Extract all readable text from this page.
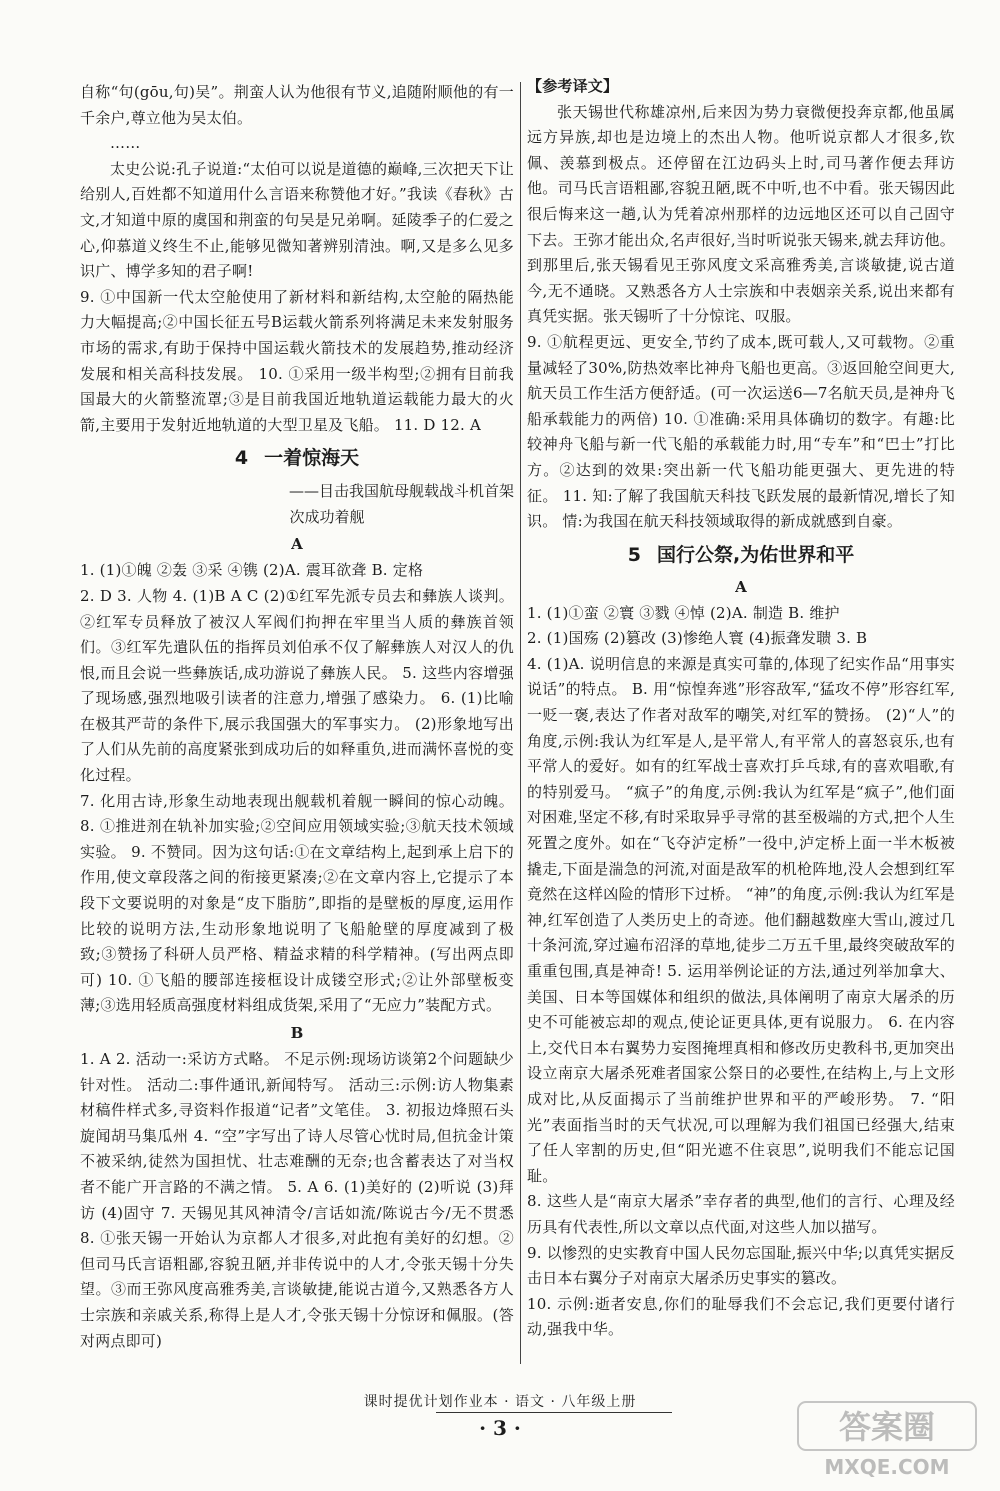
自称“句(gōu,句)吴”。荆蛮人认为他很有节义,追随附顺他的有一千余户,尊立他为吴太伯。

……

太史公说:孔子说道:“太伯可以说是道德的巅峰,三次把天下让给别人,百姓都不知道用什么言语来称赞他才好。”我读《春秋》古文,才知道中原的虞国和荆蛮的句吴是兄弟啊。延陵季子的仁爱之心,仰慕道义终生不止,能够见微知著辨别清浊。啊,又是多么见多识广、博学多知的君子啊!

9. ①中国新一代太空舱使用了新材料和新结构,太空舱的隔热能力大幅提高;②中国长征五号B运载火箭系列将满足未来发射服务市场的需求,有助于保持中国运载火箭技术的发展趋势,推动经济发展和相关高科技发展。 10. ①采用一级半构型;②拥有目前我国最大的火箭整流罩;③是目前我国近地轨道运载能力最大的火箭,主要用于发射近地轨道的大型卫星及飞船。 11. D 12. A

4 一着惊海天
——目击我国航母舰载战斗机首架
次成功着舰
A

1. (1)①魄 ②轰 ③采 ④镌 (2)A. 震耳欲聋 B. 定格
2. D 3. 人物 4. (1)B A C (2)①红军先派专员去和彝族人谈判。②红军专员释放了被汉人军阀们拘押在牢里当人质的彝族首领们。③红军先遣队伍的指挥员刘伯承不仅了解彝族人对汉人的仇恨,而且会说一些彝族话,成功游说了彝族人民。 5. 这些内容增强了现场感,强烈地吸引读者的注意力,增强了感染力。 6. (1)比喻在极其严苛的条件下,展示我国强大的军事实力。 (2)形象地写出了人们从先前的高度紧张到成功后的如释重负,进而满怀喜悦的变化过程。
7. 化用古诗,形象生动地表现出舰载机着舰一瞬间的惊心动魄。 8. ①推进剂在轨补加实验;②空间应用领域实验;③航天技术领域实验。 9. 不赞同。因为这句话:①在文章结构上,起到承上启下的作用,使文章段落之间的衔接更紧凑;②在文章内容上,它提示了本段下文要说明的对象是“皮下脂肪”,即指的是壁板的厚度,运用作比较的说明方法,生动形象地说明了飞船舱壁的厚度减到了极致;③赞扬了科研人员严格、精益求精的科学精神。(写出两点即可) 10. ①飞船的腰部连接框设计成镂空形式;②让外部壁板变薄;③选用轻质高强度材料组成货架,采用了“无应力”装配方式。

B

1. A 2. 活动一:采访方式略。 不足示例:现场访谈第2个问题缺少针对性。 活动二:事件通讯,新闻特写。 活动三:示例:访人物集素材稿件样式多,寻资料作报道“记者”文笔佳。 3. 初报边烽照石头 旋闻胡马集瓜州 4. “空”字写出了诗人尽管心忧时局,但抗金计策不被采纳,徒然为国担忧、壮志难酬的无奈;也含蓄表达了对当权者不能广开言路的不满之情。 5. A 6. (1)美好的 (2)听说 (3)拜访 (4)固守 7. 天锡见其风神清令/言话如流/陈说古今/无不贯悉 8. ①张天锡一开始认为京都人才很多,对此抱有美好的幻想。②但司马氏言语粗鄙,容貌丑陋,并非传说中的人才,令张天锡十分失望。③而王弥风度高雅秀美,言谈敏捷,能说古道今,又熟悉各方人士宗族和亲戚关系,称得上是人才,令张天锡十分惊讶和佩服。(答对两点即可)

【参考译文】

张天锡世代称雄凉州,后来因为势力衰微便投奔京都,他虽属远方异族,却也是边境上的杰出人物。他听说京都人才很多,钦佩、羡慕到极点。还停留在江边码头上时,司马著作便去拜访他。司马氏言语粗鄙,容貌丑陋,既不中听,也不中看。张天锡因此很后悔来这一趟,认为凭着凉州那样的边远地区还可以自己固守下去。王弥才能出众,名声很好,当时听说张天锡来,就去拜访他。到那里后,张天锡看见王弥风度文采高雅秀美,言谈敏捷,说古道今,无不通晓。又熟悉各方人士宗族和中表姻亲关系,说出来都有真凭实据。张天锡听了十分惊诧、叹服。

9. ①航程更远、更安全,节约了成本,既可载人,又可载物。②重量减轻了30%,防热效率比神舟飞船也更高。③返回舱空间更大,航天员工作生活方便舒适。(可一次运送6—7名航天员,是神舟飞船承载能力的两倍) 10. ①准确:采用具体确切的数字。有趣:比较神舟飞船与新一代飞船的承载能力时,用“专车”和“巴士”打比方。②达到的效果:突出新一代飞船功能更强大、更先进的特征。 11. 知:了解了我国航天科技飞跃发展的最新情况,增长了知识。 情:为我国在航天科技领域取得的新成就感到自豪。

5 国行公祭,为佑世界和平
A

1. (1)①蛮 ②寰 ③戮 ④悼 (2)A. 制造 B. 维护
2. (1)国殇 (2)篡改 (3)惨绝人寰 (4)振聋发聩 3. B
4. (1)A. 说明信息的来源是真实可靠的,体现了纪实作品“用事实说话”的特点。 B. 用“惊惶奔逃”形容敌军,“猛攻不停”形容红军,一贬一褒,表达了作者对敌军的嘲笑,对红军的赞扬。 (2)“人”的角度,示例:我认为红军是人,是平常人,有平常人的喜怒哀乐,也有平常人的爱好。如有的红军战士喜欢打乒乓球,有的喜欢唱歌,有的特别爱马。 “疯子”的角度,示例:我认为红军是“疯子”,他们面对困难,坚定不移,有时采取异乎寻常的甚至极端的方式,把个人生死置之度外。如在“飞夺泸定桥”一役中,泸定桥上面一半木板被撬走,下面是湍急的河流,对面是敌军的机枪阵地,没人会想到红军竟然在这样凶险的情形下过桥。 “神”的角度,示例:我认为红军是神,红军创造了人类历史上的奇迹。他们翻越数座大雪山,渡过几十条河流,穿过遍布沼泽的草地,徒步二万五千里,最终突破敌军的重重包围,真是神奇! 5. 运用举例论证的方法,通过列举加拿大、美国、日本等国媒体和组织的做法,具体阐明了南京大屠杀的历史不可能被忘却的观点,使论证更具体,更有说服力。 6. 在内容上,交代日本右翼势力妄图掩埋真相和修改历史教科书,更加突出设立南京大屠杀死难者国家公祭日的必要性,在结构上,与上文形成对比,从反面揭示了当前维护世界和平的严峻形势。 7. “阳光”表面指当时的天气状况,可以理解为我们祖国已经强大,结束了任人宰割的历史,但“阳光遮不住哀思”,说明我们不能忘记国耻。
8. 这些人是“南京大屠杀”幸存者的典型,他们的言行、心理及经历具有代表性,所以文章以点代面,对这些人加以描写。
9. 以惨烈的史实教育中国人民勿忘国耻,振兴中华;以真凭实据反击日本右翼分子对南京大屠杀历史事实的篡改。
10. 示例:逝者安息,你们的耻辱我们不会忘记,我们更要付诸行动,强我中华。

课时提优计划作业本 · 语文 · 八年级上册
· 3 ·	答案圈
MXQE.COM
